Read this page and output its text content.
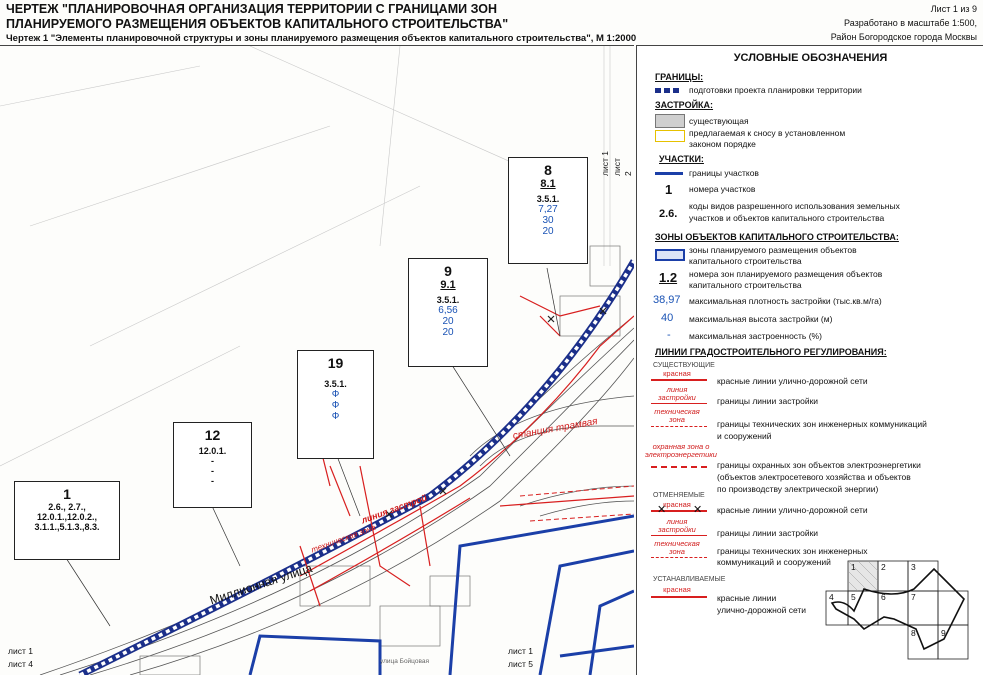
ЧЕРТЕЖ "ПЛАНИРОВОЧНАЯ ОРГАНИЗАЦИЯ ТЕРРИТОРИИ С ГРАНИЦАМИ ЗОН
ПЛАНИРУЕМОГО РАЗМЕЩЕНИЯ ОБЪЕКТОВ КАПИТАЛЬНОГО СТРОИТЕЛЬСТВА"
Чертеж 1 "Элементы планировочной структуры и зоны планируемого размещения объектов капитального строительства", М 1:2000
Лист 1 из 9
Разработано в масштабе 1:500,
Район Богородское города Москвы
лист 1 лист 2
лист 1
лист 4
лист 1
лист 5
улица Бойцовая
Миллионная улица
станция трамвая
линия застрой
техническая зона
8
8.1
3.5.1.
7,27
30
20
9
9.1
3.5.1.
6,56
20
20
19
3.5.1.
Ф
Ф
Ф
12
12.0.1.
-
-
-
1
2.6., 2.7.,
12.0.1.,12.0.2.,
3.1.1.,5.1.3.,8.3.
УСЛОВНЫЕ ОБОЗНАЧЕНИЯ
ГРАНИЦЫ:
подготовки проекта планировки территории
ЗАСТРОЙКА:
существующая
предлагаемая к сносу в установленном
законом порядке
УЧАСТКИ:
границы участков
1 номера участков
2.6.
коды видов разрешенного использования земельных
участков и объектов капитального строительства
ЗОНЫ ОБЪЕКТОВ КАПИТАЛЬНОГО СТРОИТЕЛЬСТВА:
зоны планируемого размещения объектов
капитального строительства
1.2 номера зон планируемого размещения объектов
капитального строительства
38,97 максимальная плотность застройки (тыс.кв.м/га)
40 максимальная высота застройки (м)
- максимальная застроенность (%)
ЛИНИИ ГРАДОСТРОИТЕЛЬНОГО РЕГУЛИРОВАНИЯ:
СУЩЕСТВУЮЩИЕ
красная
красные линии улично-дорожной сети
линия застройки	границы линии застройки
техническая зона	границы технических зон инженерных коммуникаций
и сооружений
охранная зона о электроэнергетики
границы охранных зон объектов электроэнергетики
(объектов электросетевого хозяйства и объектов
по производству электрической энергии)
ОТМЕНЯЕМЫЕ
красная
✕ ✕ красные линии улично-дорожной сети
линия застройки	границы линии застройки
техническая зона	границы технических зон инженерных
коммуникаций и сооружений
УСТАНАВЛИВАЕМЫЕ
красная
красные линии
улично-дорожной сети
1	2	3
4 5	6	7
8	9
